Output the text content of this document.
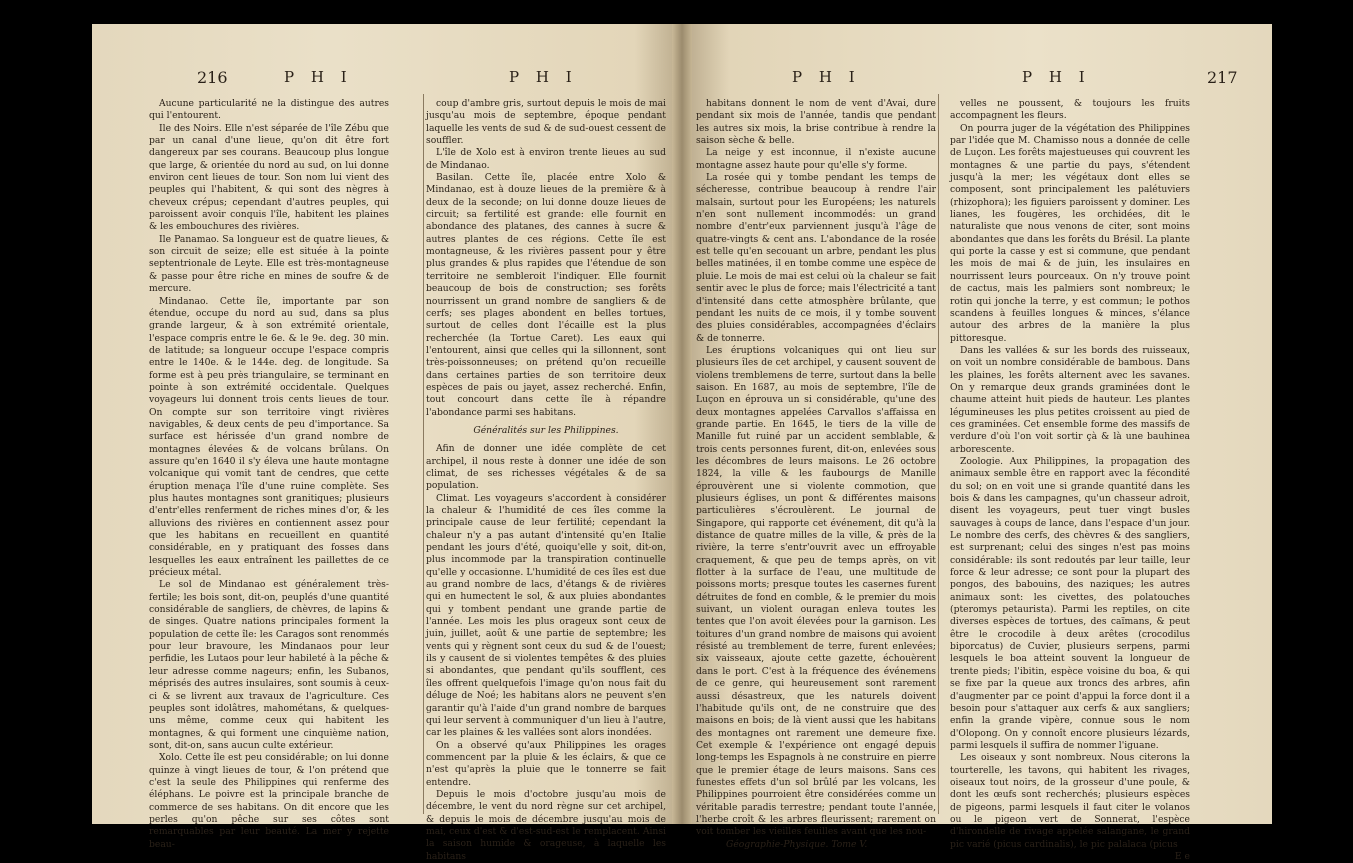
216	P H I	P H I

Aucune particularité ne la distingue des autres qui l'entourent.

Ile des Noirs. Elle n'est séparée de l'île Zébu que par un canal d'une lieue, qu'on dit être fort dangereux par ses courans. Beaucoup plus longue que large, & orientée du nord au sud, on lui donne environ cent lieues de tour. Son nom lui vient des peuples qui l'habitent, & qui sont des nègres à cheveux crépus; cependant d'autres peuples, qui paroissent avoir conquis l'île, habitent les plaines & les embouchures des rivières.

Ile Panamao. Sa longueur est de quatre lieues, & son circuit de seize; elle est située à la pointe septentrionale de Leyte. Elle est très-montagneuse & passe pour être riche en mines de soufre & de mercure.

Mindanao. Cette île, importante par son étendue, occupe du nord au sud, dans sa plus grande largeur, & à son extrémité orientale, l'espace compris entre le 6e. & le 9e. deg. 30 min. de latitude; sa longueur occupe l'espace compris entre le 140e. & le 144e. deg. de longitude. Sa forme est à peu près triangulaire, se terminant en pointe à son extrémité occidentale. Quelques voyageurs lui donnent trois cents lieues de tour. On compte sur son territoire vingt rivières navigables, & deux cents de peu d'importance. Sa surface est hérissée d'un grand nombre de montagnes élevées & de volcans brûlans. On assure qu'en 1640 il s'y éleva une haute montagne volcanique qui vomit tant de cendres, que cette éruption menaça l'île d'une ruine complète. Ses plus hautes montagnes sont granitiques; plusieurs d'entr'elles renferment de riches mines d'or, & les alluvions des rivières en contiennent assez pour que les habitans en recueillent en quantité considérable, en y pratiquant des fosses dans lesquelles les eaux entraînent les paillettes de ce précieux métal.

Le sol de Mindanao est généralement très-fertile; les bois sont, dit-on, peuplés d'une quantité considérable de sangliers, de chèvres, de lapins & de singes. Quatre nations principales forment la population de cette île: les Caragos sont renommés pour leur bravoure, les Mindanaos pour leur perfidie, les Lutaos pour leur habileté à la pêche & leur adresse comme nageurs; enfin, les Subanos, méprisés des autres insulaires, sont soumis à ceux-ci & se livrent aux travaux de l'agriculture. Ces peuples sont idolâtres, mahométans, & quelques-uns même, comme ceux qui habitent les montagnes, & qui forment une cinquième nation, sont, dit-on, sans aucun culte extérieur.

Xolo. Cette île est peu considérable; on lui donne quinze à vingt lieues de tour, & l'on prétend que c'est la seule des Philippines qui renferme des éléphans. Le poivre est la principale branche de commerce de ses habitans. On dit encore que les perles qu'on pêche sur ses côtes sont remarquables par leur beauté. La mer y rejette beau-

coup d'ambre gris, surtout depuis le mois de mai jusqu'au mois de septembre, époque pendant laquelle les vents de sud & de sud-ouest cessent de souffler.

L'île de Xolo est à environ trente lieues au sud de Mindanao.

Basilan. Cette île, placée entre Xolo & Mindanao, est à douze lieues de la première & à deux de la seconde; on lui donne douze lieues de circuit; sa fertilité est grande: elle fournit en abondance des platanes, des cannes à sucre & autres plantes de ces régions. Cette île est montagneuse, & les rivières passent pour y être plus grandes & plus rapides que l'étendue de son territoire ne sembleroit l'indiquer. Elle fournit beaucoup de bois de construction; ses forêts nourrissent un grand nombre de sangliers & de cerfs; ses plages abondent en belles tortues, surtout de celles dont l'écaille est la plus recherchée (la Tortue Caret). Les eaux qui l'entourent, ainsi que celles qui la sillonnent, sont très-poissonneuses; on prétend qu'on recueille dans certaines parties de son territoire deux espèces de pais ou jayet, assez recherché. Enfin, tout concourt dans cette île à répandre l'abondance parmi ses habitans.

Généralités sur les Philippines.

Afin de donner une idée complète de cet archipel, il nous reste à donner une idée de son climat, de ses richesses végétales & de sa population.

Climat. Les voyageurs s'accordent à considérer la chaleur & l'humidité de ces îles comme la principale cause de leur fertilité; cependant la chaleur n'y a pas autant d'intensité qu'en Italie pendant les jours d'été, quoiqu'elle y soit, dit-on, plus incommode par la transpiration continuelle qu'elle y occasionne. L'humidité de ces îles est due au grand nombre de lacs, d'étangs & de rivières qui en humectent le sol, & aux pluies abondantes qui y tombent pendant une grande partie de l'année. Les mois les plus orageux sont ceux de juin, juillet, août & une partie de septembre; les vents qui y règnent sont ceux du sud & de l'ouest; ils y causent de si violentes tempêtes & des pluies si abondantes, que pendant qu'ils soufflent, ces îles offrent quelquefois l'image qu'on nous fait du déluge de Noé; les habitans alors ne peuvent s'en garantir qu'à l'aide d'un grand nombre de barques qui leur servent à communiquer d'un lieu à l'autre, car les plaines & les vallées sont alors inondées.

On a observé qu'aux Philippines les orages commencent par la pluie & les éclairs, & que ce n'est qu'après la pluie que le tonnerre se fait entendre.

Depuis le mois d'octobre jusqu'au mois de décembre, le vent du nord règne sur cet archipel, & depuis le mois de décembre jusqu'au mois de mai, ceux d'est & d'est-sud-est le remplacent. Ainsi la saison humide & orageuse, à laquelle les habitans

P H I	P H I	217

habitans donnent le nom de vent d'Avai, dure pendant six mois de l'année, tandis que pendant les autres six mois, la brise contribue à rendre la saison sèche & belle.

La neige y est inconnue, il n'existe aucune montagne assez haute pour qu'elle s'y forme.

La rosée qui y tombe pendant les temps de sécheresse, contribue beaucoup à rendre l'air malsain, surtout pour les Européens; les naturels n'en sont nullement incommodés: un grand nombre d'entr'eux parviennent jusqu'à l'âge de quatre-vingts & cent ans. L'abondance de la rosée est telle qu'en secouant un arbre, pendant les plus belles matinées, il en tombe comme une espèce de pluie. Le mois de mai est celui où la chaleur se fait sentir avec le plus de force; mais l'électricité a tant d'intensité dans cette atmosphère brûlante, que pendant les nuits de ce mois, il y tombe souvent des pluies considérables, accompagnées d'éclairs & de tonnerre.

Les éruptions volcaniques qui ont lieu sur plusieurs îles de cet archipel, y causent souvent de violens tremblemens de terre, surtout dans la belle saison. En 1687, au mois de septembre, l'île de Luçon en éprouva un si considérable, qu'une des deux montagnes appelées Carvallos s'affaissa en grande partie. En 1645, le tiers de la ville de Manille fut ruiné par un accident semblable, & trois cents personnes furent, dit-on, enlevées sous les décombres de leurs maisons. Le 26 octobre 1824, la ville & les faubourgs de Manille éprouvèrent une si violente commotion, que plusieurs églises, un pont & différentes maisons particulières s'écroulèrent. Le journal de Singapore, qui rapporte cet événement, dit qu'à la distance de quatre milles de la ville, & près de la rivière, la terre s'entr'ouvrit avec un effroyable craquement, & que peu de temps après, on vit flotter à la surface de l'eau, une multitude de poissons morts; presque toutes les casernes furent détruites de fond en comble, & le premier du mois suivant, un violent ouragan enleva toutes les tentes que l'on avoit élevées pour la garnison. Les toitures d'un grand nombre de maisons qui avoient résisté au tremblement de terre, furent enlevées; six vaisseaux, ajoute cette gazette, échouèrent dans le port. C'est à la fréquence des événemens de ce genre, qui heureusement sont rarement aussi désastreux, que les naturels doivent l'habitude qu'ils ont, de ne construire que des maisons en bois; de là vient aussi que les habitans des montagnes ont rarement une demeure fixe. Cet exemple & l'expérience ont engagé depuis long-temps les Espagnols à ne construire en pierre que le premier étage de leurs maisons. Sans ces funestes effets d'un sol brûlé par les volcans, les Philippines pourroient être considérées comme un véritable paradis terrestre; pendant toute l'année, l'herbe croît & les arbres fleurissent; rarement on voit tomber les vieilles feuilles avant que les nou-

Géographie-Physique. Tome V.

velles ne poussent, & toujours les fruits accompagnent les fleurs.

On pourra juger de la végétation des Philippines par l'idée que M. Chamisso nous a donnée de celle de Luçon. Les forêts majestueuses qui couvrent les montagnes & une partie du pays, s'étendent jusqu'à la mer; les végétaux dont elles se composent, sont principalement les palétuviers (rhizophora); les figuiers paroissent y dominer. Les lianes, les fougères, les orchidées, dit le naturaliste que nous venons de citer, sont moins abondantes que dans les forêts du Brésil. La plante qui porte la casse y est si commune, que pendant les mois de mai & de juin, les insulaires en nourrissent leurs pourceaux. On n'y trouve point de cactus, mais les palmiers sont nombreux; le rotin qui jonche la terre, y est commun; le pothos scandens à feuilles longues & minces, s'élance autour des arbres de la manière la plus pittoresque.

Dans les vallées & sur les bords des ruisseaux, on voit un nombre considérable de bambous. Dans les plaines, les forêts alternent avec les savanes. On y remarque deux grands graminées dont le chaume atteint huit pieds de hauteur. Les plantes légumineuses les plus petites croissent au pied de ces graminées. Cet ensemble forme des massifs de verdure d'où l'on voit sortir çà & là une bauhinea arborescente.

Zoologie. Aux Philippines, la propagation des animaux semble être en rapport avec la fécondité du sol; on en voit une si grande quantité dans les bois & dans les campagnes, qu'un chasseur adroit, disent les voyageurs, peut tuer vingt busles sauvages à coups de lance, dans l'espace d'un jour. Le nombre des cerfs, des chèvres & des sangliers, est surprenant; celui des singes n'est pas moins considérable: ils sont redoutés par leur taille, leur force & leur adresse; ce sont pour la plupart des pongos, des babouins, des naziques; les autres animaux sont: les civettes, des polatouches (pteromys petaurista). Parmi les reptiles, on cite diverses espèces de tortues, des caïmans, & peut être le crocodile à deux arêtes (crocodilus biporcatus) de Cuvier, plusieurs serpens, parmi lesquels le boa atteint souvent la longueur de trente pieds; l'ibitin, espèce voisine du boa, & qui se fixe par la queue aux troncs des arbres, afin d'augmenter par ce point d'appui la force dont il a besoin pour s'attaquer aux cerfs & aux sangliers; enfin la grande vipère, connue sous le nom d'Olopong. On y connoît encore plusieurs lézards, parmi lesquels il suffira de nommer l'iguane.

Les oiseaux y sont nombreux. Nous citerons la tourterelle, les tavons, qui habitent les rivages, oiseaux tout noirs, de la grosseur d'une poule, & dont les œufs sont recherchés; plusieurs espèces de pigeons, parmi lesquels il faut citer le volanos ou le pigeon vert de Sonnerat, l'espèce d'hirondelle de rivage appelée salangane, le grand pic varié (picus cardinalis), le pic palalaca (picus

E e
